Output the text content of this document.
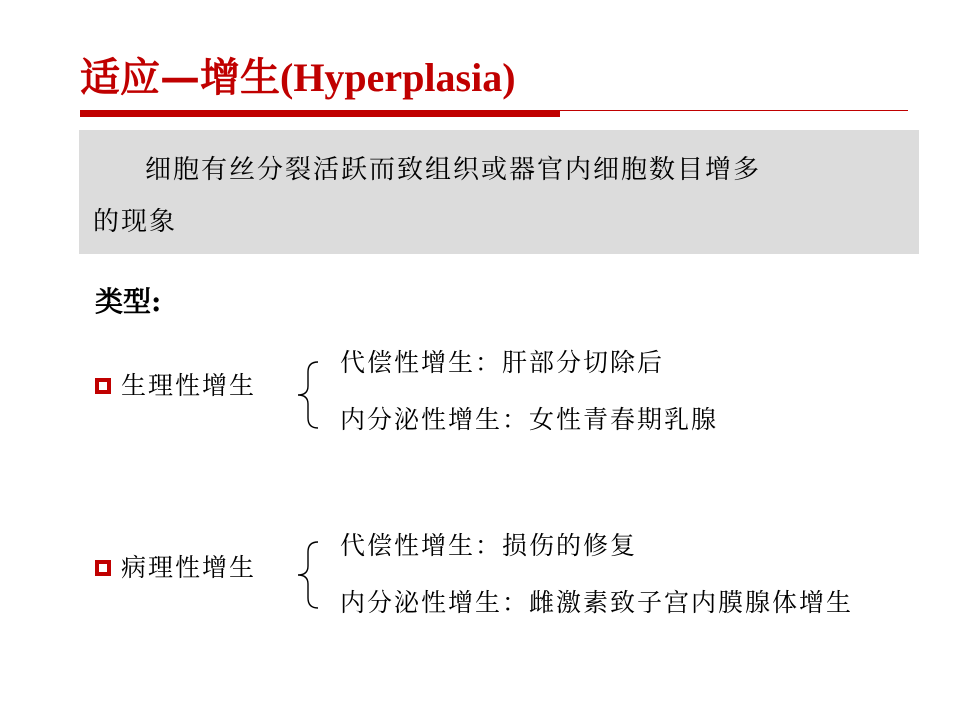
适应—增生(Hyperplasia)
细胞有丝分裂活跃而致组织或器官内细胞数目增多
的现象
类型:
生理性增生
代偿性增生：肝部分切除后
内分泌性增生：女性青春期乳腺
病理性增生
代偿性增生：损伤的修复
内分泌性增生：雌激素致子宫内膜腺体增生
